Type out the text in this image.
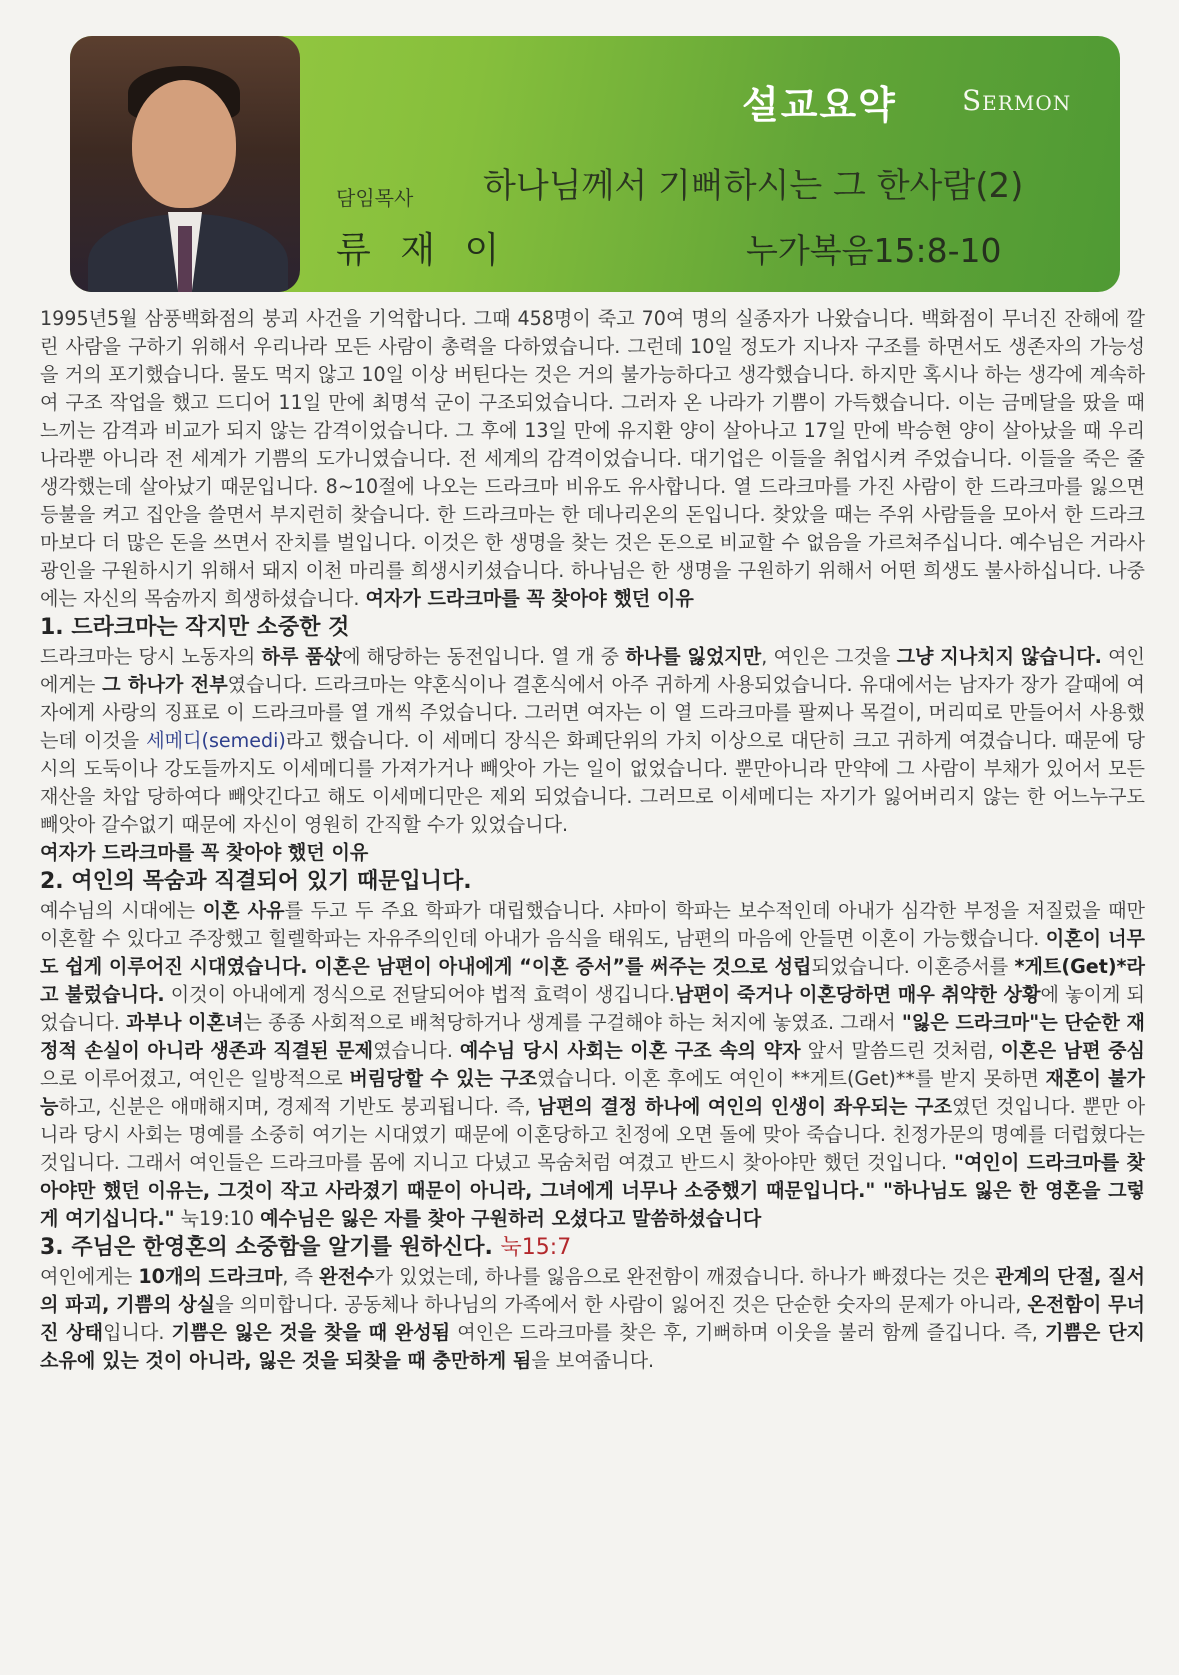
설교요약 Sermon
담임목사
류 재 이
하나님께서 기뻐하시는 그 한사람(2)
누가복음15:8-10

1995년5월 삼풍백화점의 붕괴 사건을 기억합니다. 그때 458명이 죽고 70여 명의 실종자가 나왔습니다. 백화점이 무너진 잔해에 깔린 사람을 구하기 위해서 우리나라 모든 사람이 총력을 다하였습니다. 그런데 10일 정도가 지나자 구조를 하면서도 생존자의 가능성을 거의 포기했습니다. 물도 먹지 않고 10일 이상 버틴다는 것은 거의 불가능하다고 생각했습니다. 하지만 혹시나 하는 생각에 계속하여 구조 작업을 했고 드디어 11일 만에 최명석 군이 구조되었습니다. 그러자 온 나라가 기쁨이 가득했습니다. 이는 금메달을 땄을 때 느끼는 감격과 비교가 되지 않는 감격이었습니다. 그 후에 13일 만에 유지환 양이 살아나고 17일 만에 박승현 양이 살아났을 때 우리나라뿐 아니라 전 세계가 기쁨의 도가니였습니다. 전 세계의 감격이었습니다. 대기업은 이들을 취업시켜 주었습니다. 이들을 죽은 줄 생각했는데 살아났기 때문입니다. 8~10절에 나오는 드라크마 비유도 유사합니다. 열 드라크마를 가진 사람이 한 드라크마를 잃으면 등불을 켜고 집안을 쓸면서 부지런히 찾습니다. 한 드라크마는 한 데나리온의 돈입니다. 찾았을 때는 주위 사람들을 모아서 한 드라크마보다 더 많은 돈을 쓰면서 잔치를 벌입니다. 이것은 한 생명을 찾는 것은 돈으로 비교할 수 없음을 가르쳐주십니다. 예수님은 거라사 광인을 구원하시기 위해서 돼지 이천 마리를 희생시키셨습니다. 하나님은 한 생명을 구원하기 위해서 어떤 희생도 불사하십니다. 나중에는 자신의 목숨까지 희생하셨습니다. 여자가 드라크마를 꼭 찾아야 했던 이유

1. 드라크마는 작지만 소중한 것

드라크마는 당시 노동자의 하루 품삯에 해당하는 동전입니다. 열 개 중 하나를 잃었지만, 여인은 그것을 그냥 지나치지 않습니다. 여인에게는 그 하나가 전부였습니다. 드라크마는 약혼식이나 결혼식에서 아주 귀하게 사용되었습니다. 유대에서는 남자가 장가 갈때에 여자에게 사랑의 징표로 이 드라크마를 열 개씩 주었습니다. 그러면 여자는 이 열 드라크마를 팔찌나 목걸이, 머리띠로 만들어서 사용했는데 이것을 세메디(semedi)라고 했습니다. 이 세메디 장식은 화폐단위의 가치 이상으로 대단히 크고 귀하게 여겼습니다. 때문에 당시의 도둑이나 강도들까지도 이세메디를 가져가거나 빼앗아 가는 일이 없었습니다. 뿐만아니라 만약에 그 사람이 부채가 있어서 모든 재산을 차압 당하여다 빼앗긴다고 해도 이세메디만은 제외 되었습니다. 그러므로 이세메디는 자기가 잃어버리지 않는 한 어느누구도 빼앗아 갈수없기 때문에 자신이 영원히 간직할 수가 있었습니다.

여자가 드라크마를 꼭 찾아야 했던 이유

2. 여인의 목숨과 직결되어 있기 때문입니다.

예수님의 시대에는 이혼 사유를 두고 두 주요 학파가 대립했습니다. 샤마이 학파는 보수적인데 아내가 심각한 부정을 저질렀을 때만 이혼할 수 있다고 주장했고 힐렐학파는 자유주의인데 아내가 음식을 태워도, 남편의 마음에 안들면 이혼이 가능했습니다. 이혼이 너무도 쉽게 이루어진 시대였습니다. 이혼은 남편이 아내에게 “이혼 증서”를 써주는 것으로 성립되었습니다. 이혼증서를 *게트(Get)*라고 불렀습니다. 이것이 아내에게 정식으로 전달되어야 법적 효력이 생깁니다.남편이 죽거나 이혼당하면 매우 취약한 상황에 놓이게 되었습니다. 과부나 이혼녀는 종종 사회적으로 배척당하거나 생계를 구걸해야 하는 처지에 놓였죠. 그래서 "잃은 드라크마"는 단순한 재정적 손실이 아니라 생존과 직결된 문제였습니다. 예수님 당시 사회는 이혼 구조 속의 약자 앞서 말씀드린 것처럼, 이혼은 남편 중심으로 이루어졌고, 여인은 일방적으로 버림당할 수 있는 구조였습니다. 이혼 후에도 여인이 **게트(Get)**를 받지 못하면 재혼이 불가능하고, 신분은 애매해지며, 경제적 기반도 붕괴됩니다. 즉, 남편의 결정 하나에 여인의 인생이 좌우되는 구조였던 것입니다. 뿐만 아니라 당시 사회는 명예를 소중히 여기는 시대였기 때문에 이혼당하고 친정에 오면 돌에 맞아 죽습니다. 친정가문의 명예를 더럽혔다는 것입니다. 그래서 여인들은 드라크마를 몸에 지니고 다녔고 목숨처럼 여겼고 반드시 찾아야만 했던 것입니다. "여인이 드라크마를 찾아야만 했던 이유는, 그것이 작고 사라졌기 때문이 아니라, 그녀에게 너무나 소중했기 때문입니다." "하나님도 잃은 한 영혼을 그렇게 여기십니다." 눅19:10 예수님은 잃은 자를 찾아 구원하러 오셨다고 말씀하셨습니다

3. 주님은 한영혼의 소중함을 알기를 원하신다. 눅15:7

여인에게는 10개의 드라크마, 즉 완전수가 있었는데, 하나를 잃음으로 완전함이 깨졌습니다. 하나가 빠졌다는 것은 관계의 단절, 질서의 파괴, 기쁨의 상실을 의미합니다. 공동체나 하나님의 가족에서 한 사람이 잃어진 것은 단순한 숫자의 문제가 아니라, 온전함이 무너진 상태입니다. 기쁨은 잃은 것을 찾을 때 완성됨 여인은 드라크마를 찾은 후, 기뻐하며 이웃을 불러 함께 즐깁니다. 즉, 기쁨은 단지 소유에 있는 것이 아니라, 잃은 것을 되찾을 때 충만하게 됨을 보여줍니다.
